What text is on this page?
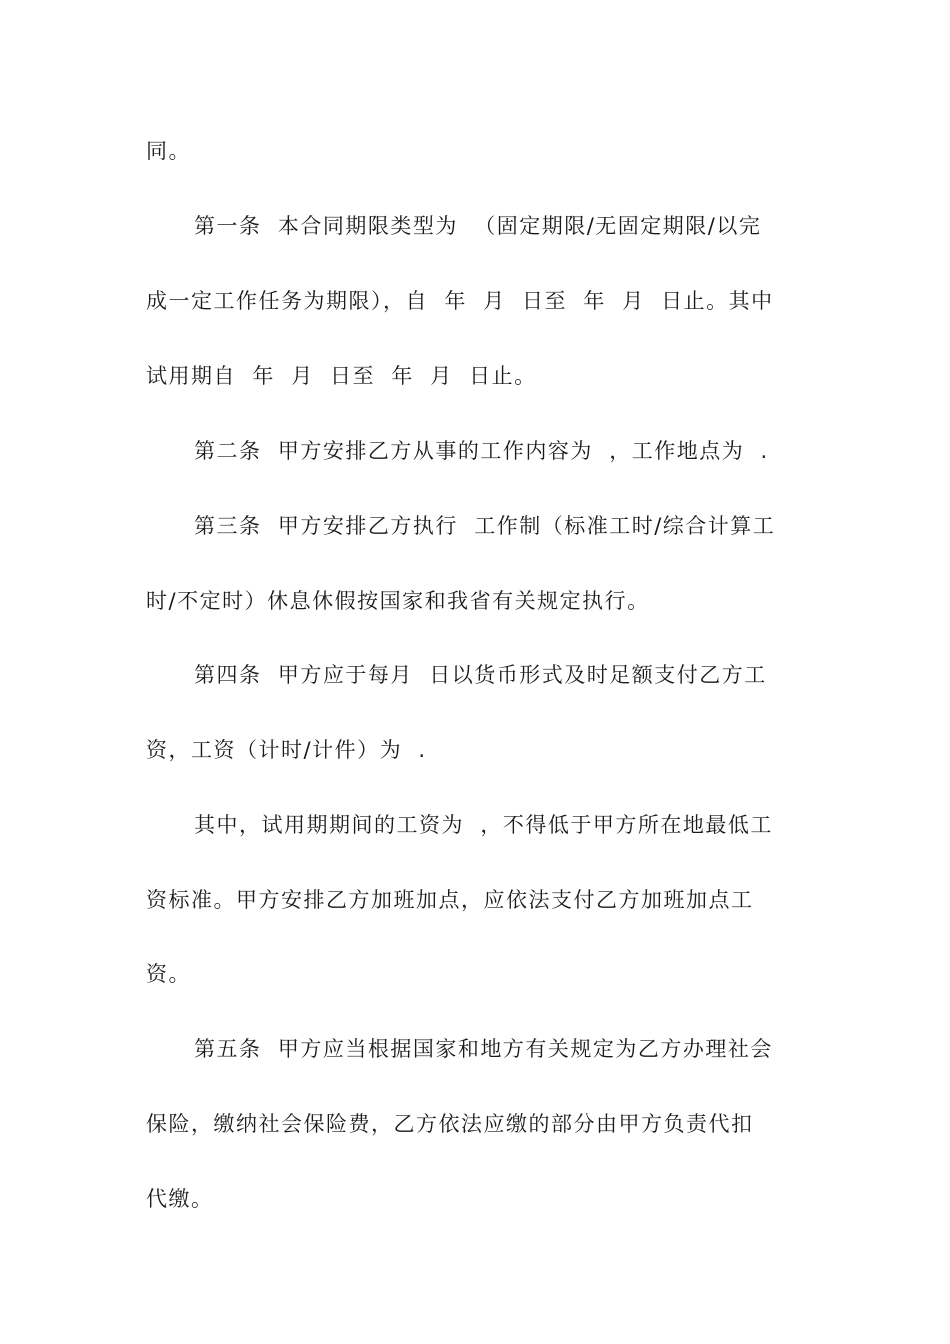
同。
第一条  本合同期限类型为  （固定期限/无固定期限/以完
成一定工作任务为期限），自  年  月  日至  年  月  日止。其中
试用期自  年  月  日至  年  月  日止。
第二条  甲方安排乙方从事的工作内容为  ，工作地点为  .
第三条  甲方安排乙方执行  工作制（标准工时/综合计算工
时/不定时）休息休假按国家和我省有关规定执行。
第四条  甲方应于每月  日以货币形式及时足额支付乙方工
资，工资（计时/计件）为  .
其中，试用期期间的工资为  ，不得低于甲方所在地最低工
资标准。甲方安排乙方加班加点，应依法支付乙方加班加点工
资。
第五条  甲方应当根据国家和地方有关规定为乙方办理社会
保险，缴纳社会保险费，乙方依法应缴的部分由甲方负责代扣
代缴。
